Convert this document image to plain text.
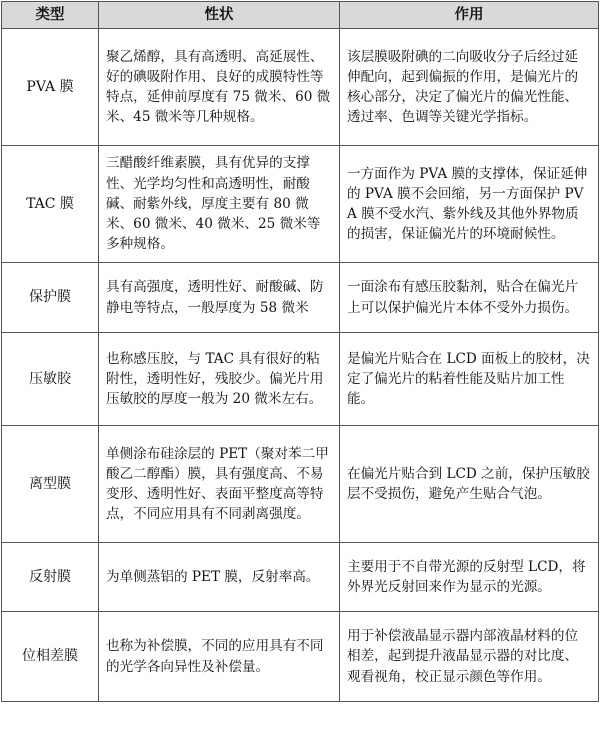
类型	性状	作用
PVA 膜	聚乙烯醇，具有高透明、高延展性、好的碘吸附作用、良好的成膜特性等特点，延伸前厚度有 75 微米、60 微米、45 微米等几种规格。	该层膜吸附碘的二向吸收分子后经过延伸配向，起到偏振的作用，是偏光片的核心部分，决定了偏光片的偏光性能、透过率、色调等关键光学指标。
TAC 膜	三醋酸纤维素膜，具有优异的支撑性、光学均匀性和高透明性，耐酸碱、耐紫外线，厚度主要有 80 微米、60 微米、40 微米、25 微米等多种规格。	一方面作为 PVA 膜的支撑体，保证延伸的 PVA 膜不会回缩，另一方面保护 PVA 膜不受水汽、紫外线及其他外界物质的损害，保证偏光片的环境耐候性。
保护膜	具有高强度，透明性好、耐酸碱、防静电等特点，一般厚度为 58 微米	一面涂布有感压胶黏剂，贴合在偏光片上可以保护偏光片本体不受外力损伤。
压敏胶	也称感压胶，与 TAC 具有很好的粘附性，透明性好，残胶少。偏光片用压敏胶的厚度一般为 20 微米左右。	是偏光片贴合在 LCD 面板上的胶材，决定了偏光片的粘着性能及贴片加工性能。
离型膜	单侧涂布硅涂层的 PET（聚对苯二甲酸乙二醇酯）膜，具有强度高、不易变形、透明性好、表面平整度高等特点，不同应用具有不同剥离强度。	在偏光片贴合到 LCD 之前，保护压敏胶层不受损伤，避免产生贴合气泡。
反射膜	为单侧蒸铝的 PET 膜，反射率高。	主要用于不自带光源的反射型 LCD，将外界光反射回来作为显示的光源。
位相差膜	也称为补偿膜，不同的应用具有不同的光学各向异性及补偿量。	用于补偿液晶显示器内部液晶材料的位相差，起到提升液晶显示器的对比度、观看视角，校正显示颜色等作用。
